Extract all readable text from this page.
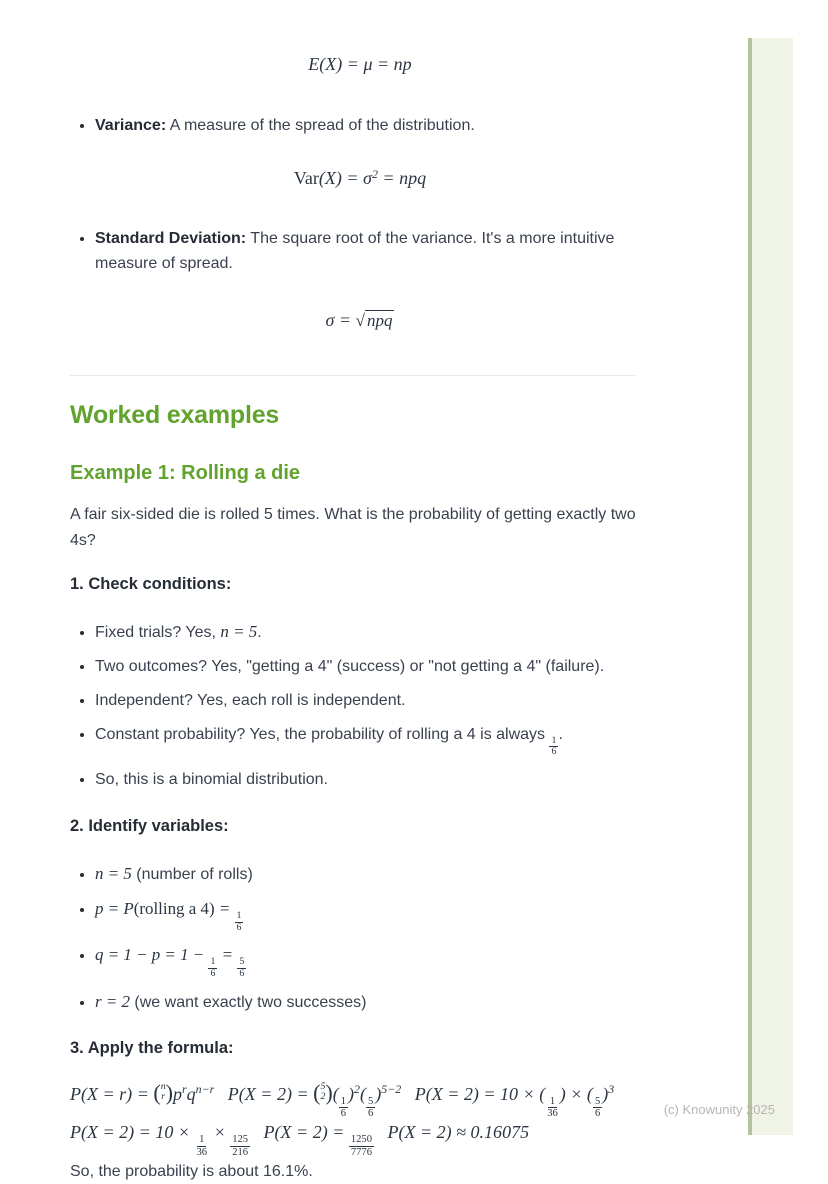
E(X) = μ = np
• Variance: A measure of the spread of the distribution.
$Var(X) = \sigma^2$ = npq
• Standard Deviation: The square root of the variance. It's a more intuitive measure of spread.
σ = √ npq
Worked examples
Example 1: Rolling a die

A fair six-sided die is rolled 5 times. What is the probability of getting exactly two 4s?

1. Check conditions:

• Fixed trials? Yes, n = 5.
• Two outcomes? Yes, "getting a 4" (success) or "not getting a 4" (failure).
• Independent? Yes, each roll is independent.
• Constant probability? Yes, the probability of rolling a 4 is always
$\frac{1}{6}$
.
• So, this is a binomial distribution.

2. Identify variables:

• n = 5 (number of rolls)
• p = P(rolling a 4) =
$\frac{1}{6}$
• q = 1 − p = 1 −
$\frac{1}{6}$
=
$\frac{5}{6}$
• r = 2 (we want exactly two successes)

3. Apply the formula:

P(X = r) = ( n
r ) $p^rq^{n-r}$  P(X = 2) = ( 5
2 ) (
$\frac{1}{6}$
)$^2$(
$\frac{5}{6}$
)$^{5-2}$  P(X = 2) = 10 × (
$\frac{1}{36}$
) × (
$\frac{5}{6}$
)$^3$  P(X = 2) = 10 ×
$\frac{1}{36}$
×
$\frac{125}{216}$
 P(X = 2) =
$\frac{1250}{7776}$
 P(X = 2) ≈ 0.16075

So, the probability is about 16.1%.

(c) Knowunity 2025
